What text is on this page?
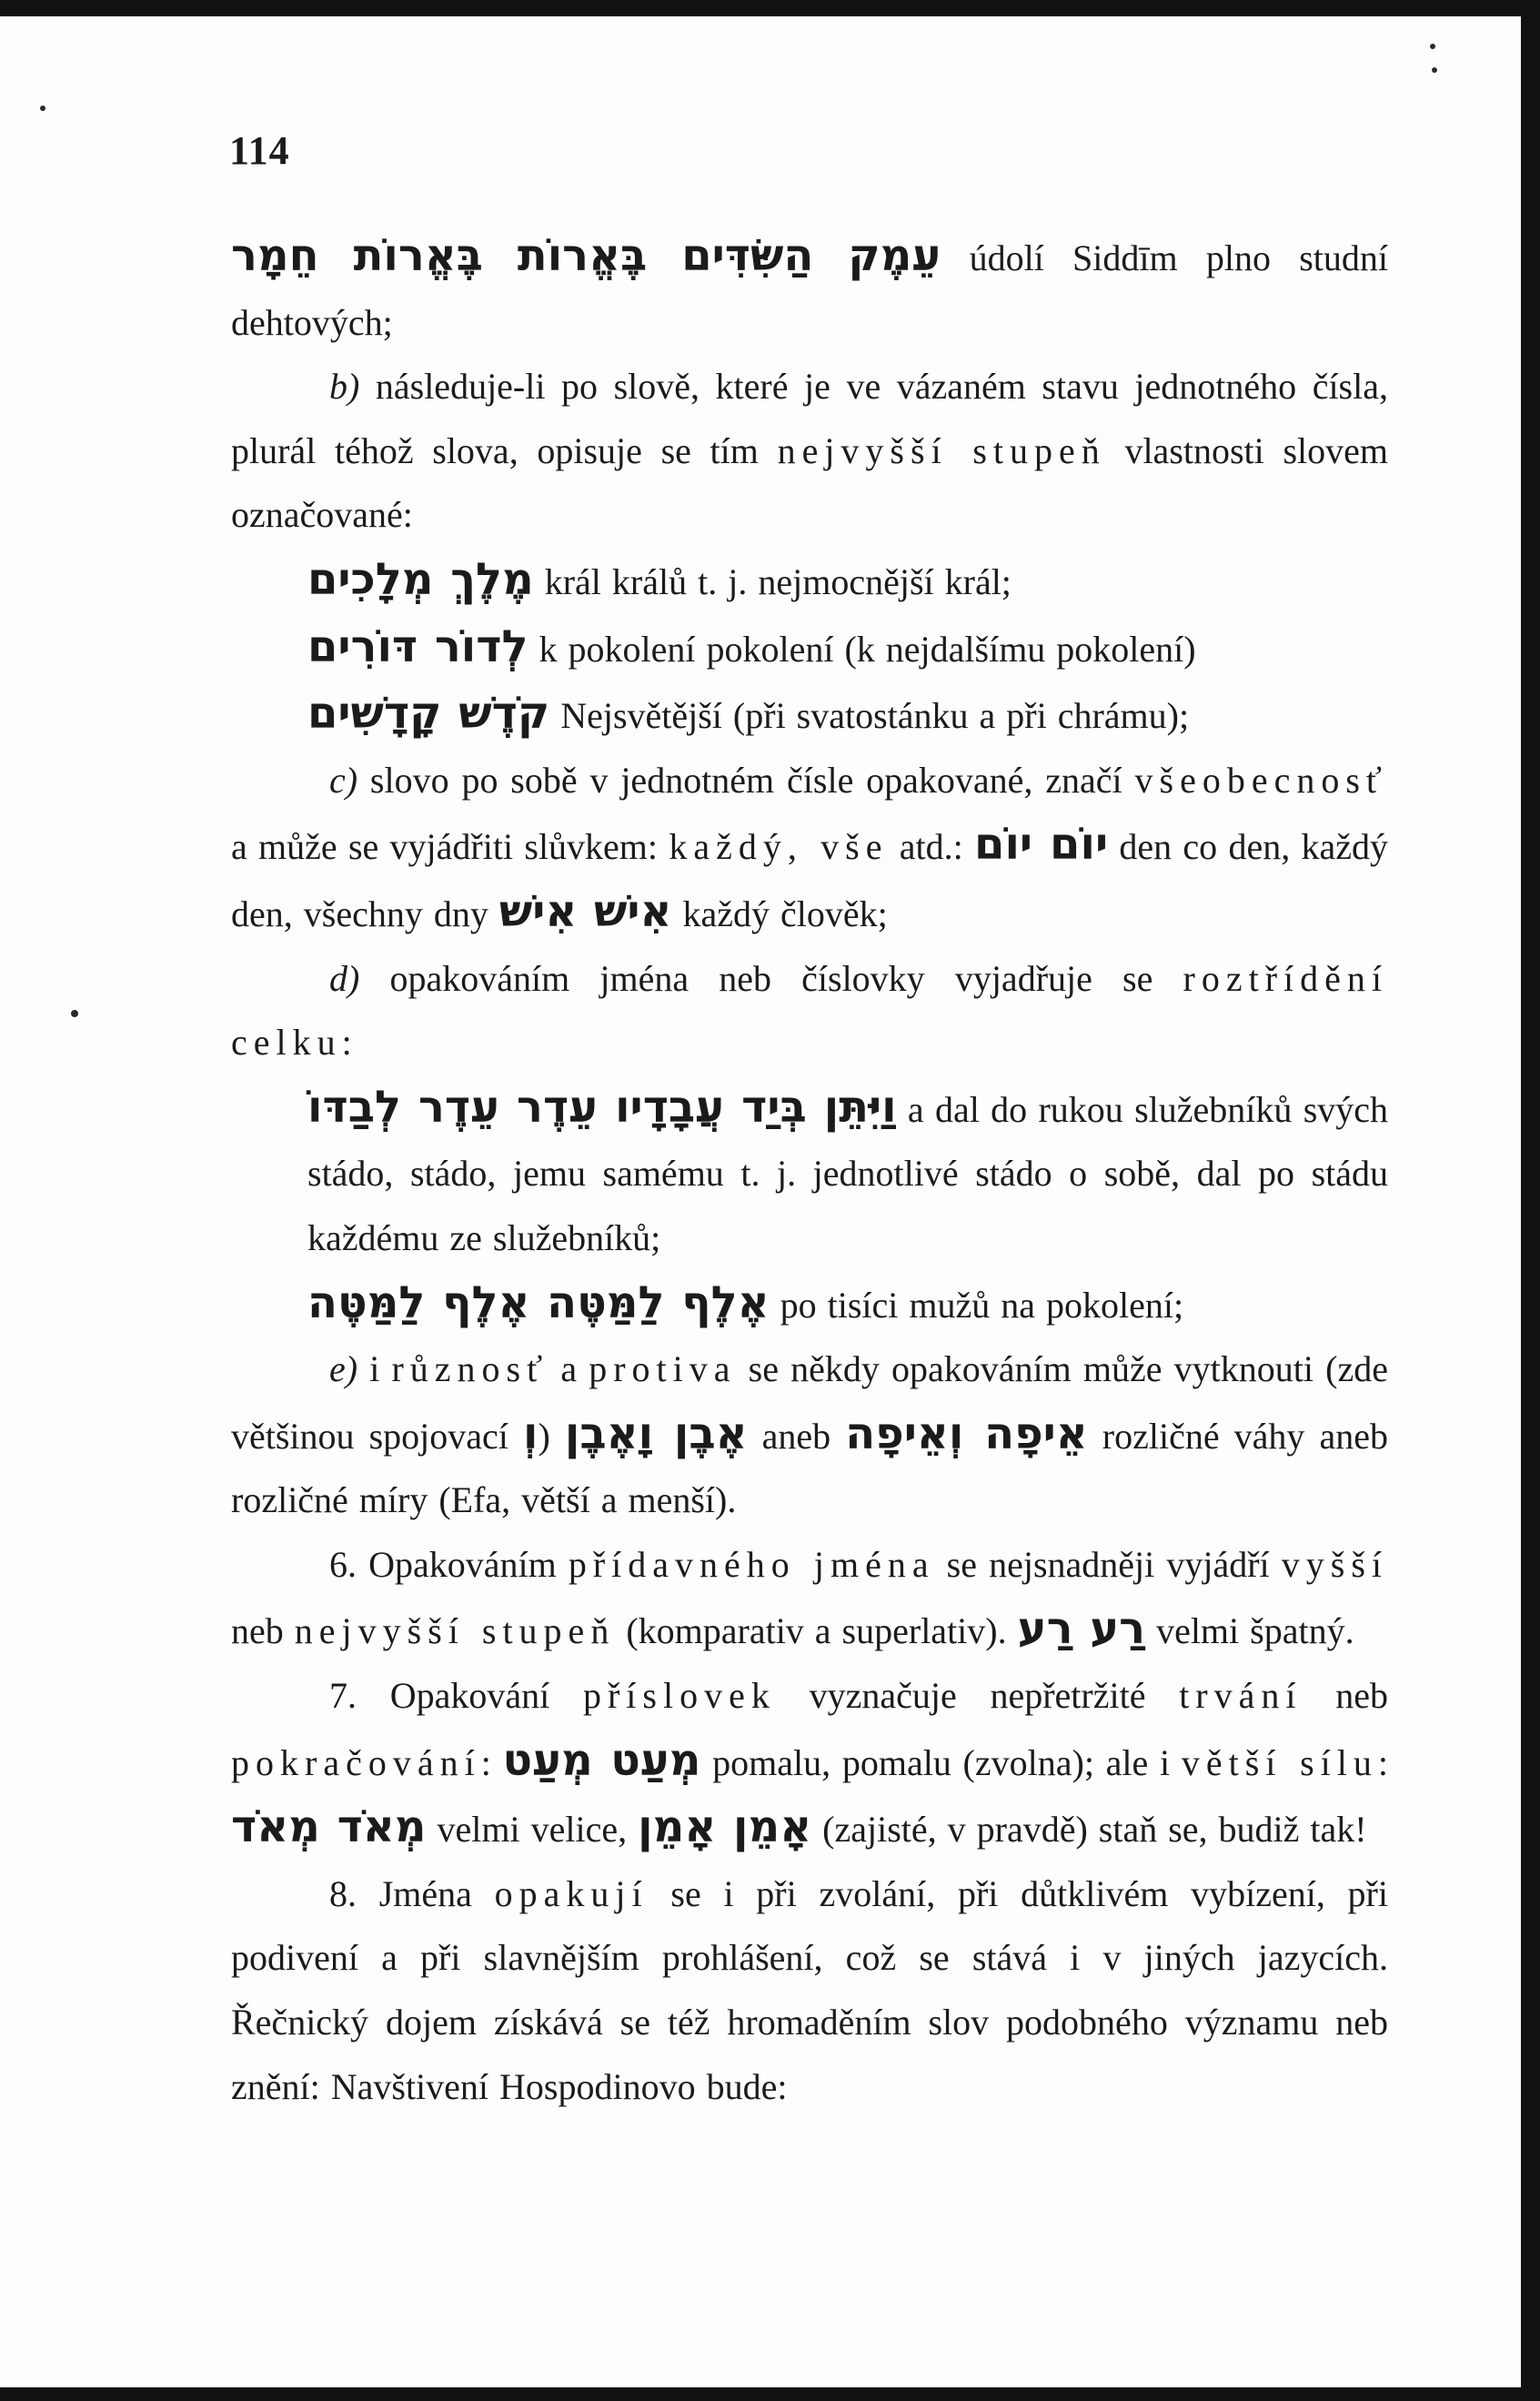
114

עֵמֶק הַשִּׂדִּים בֶּאֱרוֹת בֶּאֱרוֹת חֵמָר údolí Siddīm plno studní dehtových;

b) následuje-li po slově, které je ve vázaném stavu jednotného čísla, plurál téhož slova, opisuje se tím nejvyšší stupeň vlastnosti slovem označované:

מֶלֶךְ מְלָכִים král králů t. j. nejmocnější král;

לְדוֹר דּוֹרִים k pokolení pokolení (k nejdalšímu pokolení)

קֹדֶשׁ קָדָשִׁים Nejsvětější (při svatostánku a při chrámu);

c) slovo po sobě v jednotném čísle opakované, značí všeobecnosť a může se vyjádřiti slůvkem: každý, vše atd.: יוֹם יוֹם den co den, každý den, všechny dny אִישׁ אִישׁ každý člověk;

d) opakováním jména neb číslovky vyjadřuje se roztřídění celku:

וַיִּתֵּן בְּיַד עֲבָדָיו עֵדֶר עֵדֶר לְבַדּוֹ a dal do rukou služebníků svých stádo, stádo, jemu samému t. j. jednotlivé stádo o sobě, dal po stádu každému ze služebníků;

אֶלֶף לַמַּטֶּה אֶלֶף לַמַּטֶּה po tisíci mužů na pokolení;

e) i různosť a protiva se někdy opakováním může vytknouti (zde většinou spojovací וְ) אֶבֶן וָאֶבֶן aneb אֵיפָה וְאֵיפָה rozličné váhy aneb rozličné míry (Efa, větší a menší).

6. Opakováním přídavného jména se nejsnadněji vyjádří vyšší neb nejvyšší stupeň (komparativ a superlativ). רַע רַע velmi špatný.

7. Opakování příslovek vyznačuje nepřetržité trvání neb pokračování: מְעַט מְעַט pomalu, pomalu (zvolna); ale i větší sílu: מְאֹד מְאֹד velmi velice, אָמֵן אָמֵן (zajisté, v pravdě) staň se, budiž tak!

8. Jména opakují se i při zvolání, při důtklivém vybízení, při podivení a při slavnějším prohlášení, což se stává i v jiných jazycích. Řečnický dojem získává se též hromaděním slov podobného významu neb znění: Navštivení Hospodinovo bude:
